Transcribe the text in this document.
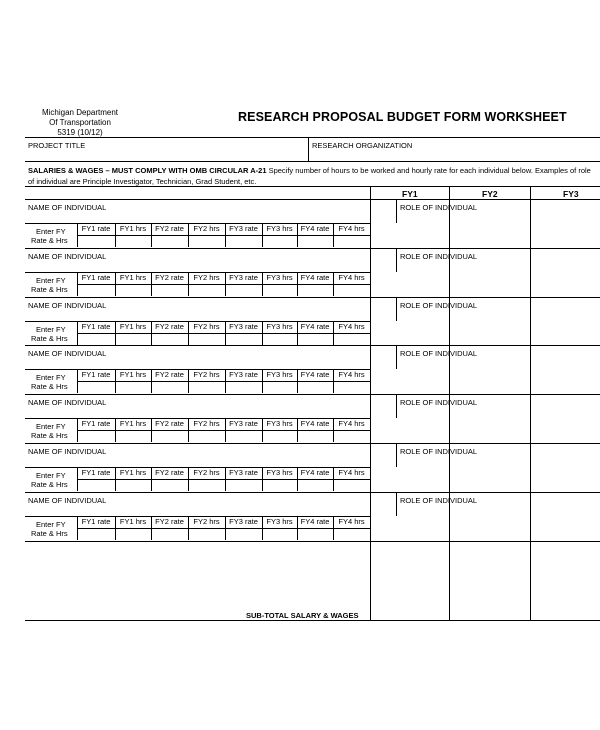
Michigan Department
Of Transportation
5319 (10/12)
RESEARCH PROPOSAL BUDGET FORM WORKSHEET
PROJECT TITLE	RESEARCH ORGANIZATION
SALARIES & WAGES – MUST COMPLY WITH OMB CIRCULAR A-21 Specify number of hours to be worked and hourly rate for each individual below. Examples of role of individual are Principle Investigator, Technician, Grad Student, etc.
FY1	FY2	FY3
NAME OF INDIVIDUAL	ROLE OF INDIVIDUAL
Enter FY
Rate & Hrs
FY1 rate	FY1 hrs	FY2 rate	FY2 hrs	FY3 rate	FY3 hrs	FY4 rate	FY4 hrs
NAME OF INDIVIDUAL	ROLE OF INDIVIDUAL
Enter FY
Rate & Hrs
FY1 rate	FY1 hrs	FY2 rate	FY2 hrs	FY3 rate	FY3 hrs	FY4 rate	FY4 hrs
NAME OF INDIVIDUAL	ROLE OF INDIVIDUAL
Enter FY
Rate & Hrs
FY1 rate	FY1 hrs	FY2 rate	FY2 hrs	FY3 rate	FY3 hrs	FY4 rate	FY4 hrs
NAME OF INDIVIDUAL	ROLE OF INDIVIDUAL
Enter FY
Rate & Hrs
FY1 rate	FY1 hrs	FY2 rate	FY2 hrs	FY3 rate	FY3 hrs	FY4 rate	FY4 hrs
NAME OF INDIVIDUAL	ROLE OF INDIVIDUAL
Enter FY
Rate & Hrs
FY1 rate	FY1 hrs	FY2 rate	FY2 hrs	FY3 rate	FY3 hrs	FY4 rate	FY4 hrs
NAME OF INDIVIDUAL	ROLE OF INDIVIDUAL
Enter FY
Rate & Hrs
FY1 rate	FY1 hrs	FY2 rate	FY2 hrs	FY3 rate	FY3 hrs	FY4 rate	FY4 hrs
NAME OF INDIVIDUAL	ROLE OF INDIVIDUAL
Enter FY
Rate & Hrs
FY1 rate	FY1 hrs	FY2 rate	FY2 hrs	FY3 rate	FY3 hrs	FY4 rate	FY4 hrs
SUB-TOTAL SALARY & WAGES
